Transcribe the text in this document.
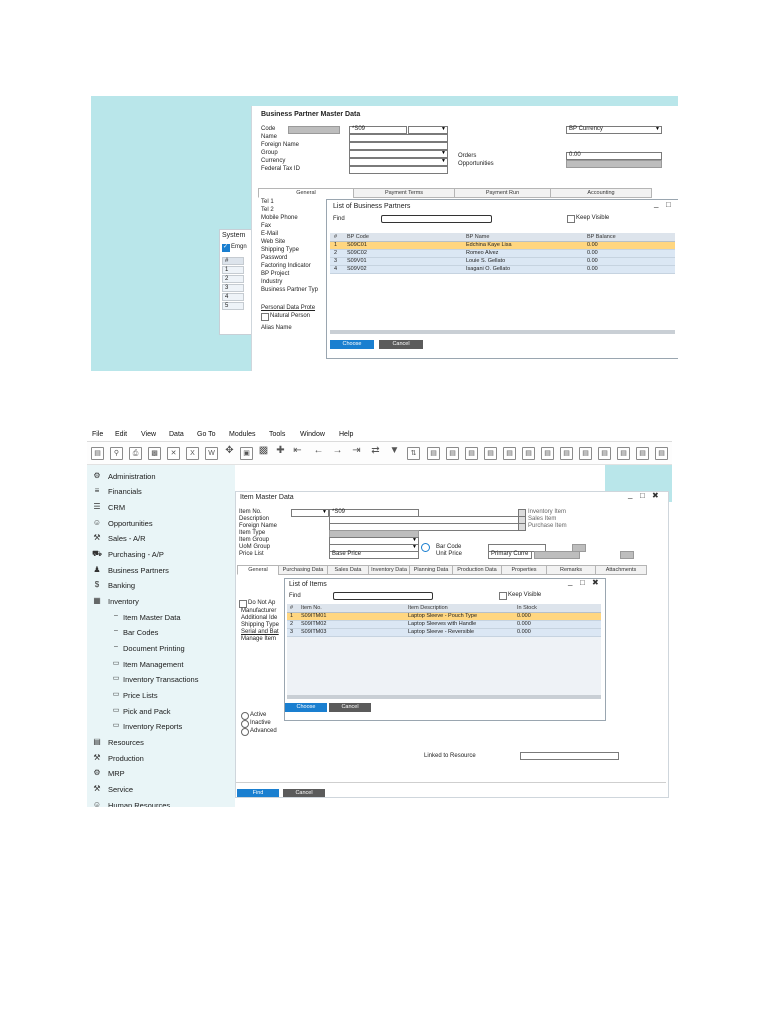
System
✓
Emgn
#
1
2
3
4
5
Business Partner Master Data
Code
Name
Foreign Name
Group
Currency
Federal Tax ID
*S09
▼
▼
▼	BP Currency
▼
Orders
Opportunities
0.00
General	Payment Terms	Payment Run	Accounting
Tel 1
Tel 2
Mobile Phone
Fax
E-Mail
Web Site
Shipping Type
Password
Factoring Indicator
BP Project
Industry
Business Partner Typ
Personal Data Prote
Natural Person
Alias Name
List of Business Partners	_ □
Find	Keep Visible
# BP Code	BP Name	BP Balance
1 S09C01	Edchina Kaye Lisa	0.00
2 S09C02	Romeo Alvez	0.00
3 S09V01	Louie S. Gellato	0.00
4 S09V02	Isagani O. Gellato	0.00
Choose	Cancel
File Edit View Data Go To Modules Tools Window Help
▤	⚲	⎙	▩	✕	X	W	✥	▣ ▩ ✚ ⇤ ← → ⇥ ⇄ ▼	⇅	▤	▤	▤	▤	▤	▤	▤	▤	▤	▤	▤	▤	▤
⚙ Administration
≡	Financials
☰ CRM
☺ Opportunities
⚒ Sales - A/R
⛟ Purchasing - A/P
♟ Business Partners
$	Banking
▦ Inventory
– Item Master Data
– Bar Codes
– Document Printing
▭ Item Management
▭ Inventory Transactions
▭ Price Lists
▭ Pick and Pack
▭ Inventory Reports
▤ Resources
⚒ Production
⚙ MRP
⚒ Service
☺ Human Resources
Item Master Data	_ □ ✖
Item No.
Description
Foreign Name
Item Type
Item Group
UoM Group
Price List
▼
*S09
▼
▼
Base Price
Inventory Item
Sales Item
Purchase Item
Bar Code
Unit Price	Primary Curre
General	Purchasing Data	Sales Data	Inventory Data	Planning Data	Production Data	Properties	Remarks	Attachments
Do Not Ap
Manufacturer
Additional Ide
Shipping Type
Serial and Bat
Manage Item
Active
Inactive
Advanced
Linked to Resource
Find	Cancel
List of Items	_ □ ✖
Find	Keep Visible
# Item No.	Item Description	In Stock
1 S09ITM01	Laptop Sleeve - Pouch Type	0.000
2 S09ITM02	Laptop Sleeves with Handle	0.000
3 S09ITM03	Laptop Sleeve - Reversible	0.000
Choose	Cancel
